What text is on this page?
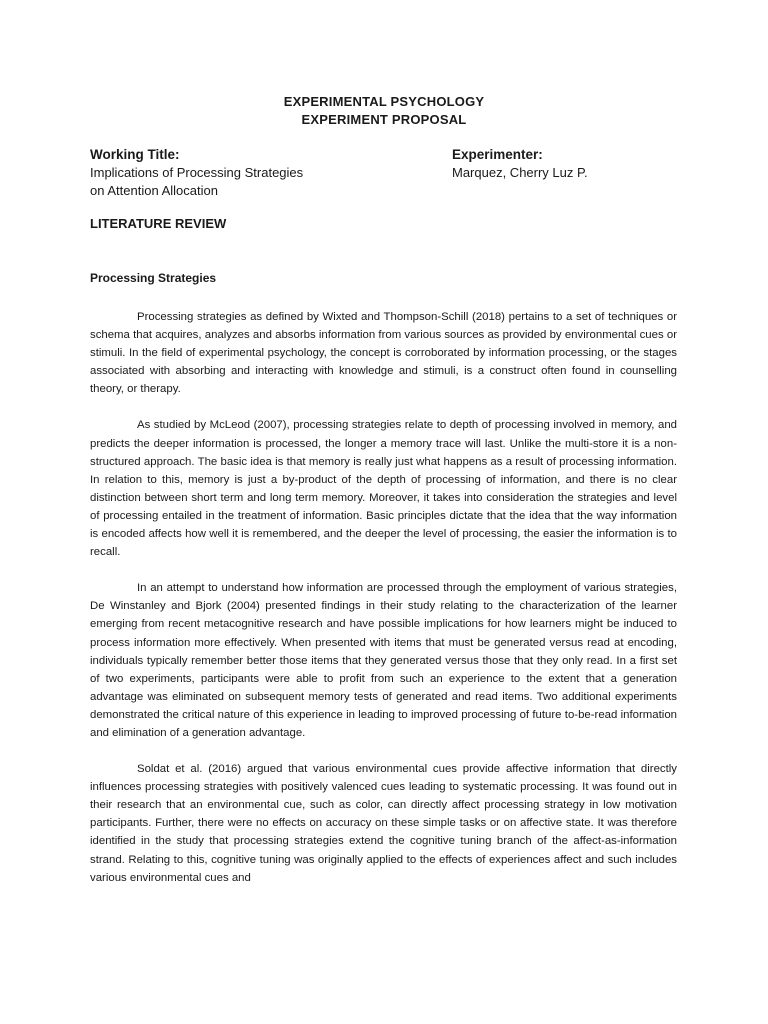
EXPERIMENTAL PSYCHOLOGY
EXPERIMENT PROPOSAL
Working Title:
Implications of Processing Strategies
on Attention Allocation
Experimenter:
Marquez, Cherry Luz P.
LITERATURE REVIEW
Processing Strategies

Processing strategies as defined by Wixted and Thompson-Schill (2018) pertains to a set of techniques or schema that acquires, analyzes and absorbs information from various sources as provided by environmental cues or stimuli. In the field of experimental psychology, the concept is corroborated by information processing, or the stages associated with absorbing and interacting with knowledge and stimuli, is a construct often found in counselling theory, or therapy.

As studied by McLeod (2007), processing strategies relate to depth of processing involved in memory, and predicts the deeper information is processed, the longer a memory trace will last. Unlike the multi-store it is a non-structured approach. The basic idea is that memory is really just what happens as a result of processing information. In relation to this, memory is just a by-product of the depth of processing of information, and there is no clear distinction between short term and long term memory. Moreover, it takes into consideration the strategies and level of processing entailed in the treatment of information. Basic principles dictate that the idea that the way information is encoded affects how well it is remembered, and the deeper the level of processing, the easier the information is to recall.

In an attempt to understand how information are processed through the employment of various strategies, De Winstanley and Bjork (2004) presented findings in their study relating to the characterization of the learner emerging from recent metacognitive research and have possible implications for how learners might be induced to process information more effectively. When presented with items that must be generated versus read at encoding, individuals typically remember better those items that they generated versus those that they only read. In a first set of two experiments, participants were able to profit from such an experience to the extent that a generation advantage was eliminated on subsequent memory tests of generated and read items. Two additional experiments demonstrated the critical nature of this experience in leading to improved processing of future to-be-read information and elimination of a generation advantage.

Soldat et al. (2016) argued that various environmental cues provide affective information that directly influences processing strategies with positively valenced cues leading to systematic processing. It was found out in their research that an environmental cue, such as color, can directly affect processing strategy in low motivation participants. Further, there were no effects on accuracy on these simple tasks or on affective state. It was therefore identified in the study that processing strategies extend the cognitive tuning branch of the affect-as-information strand. Relating to this, cognitive tuning was originally applied to the effects of experiences affect and such includes various environmental cues and
